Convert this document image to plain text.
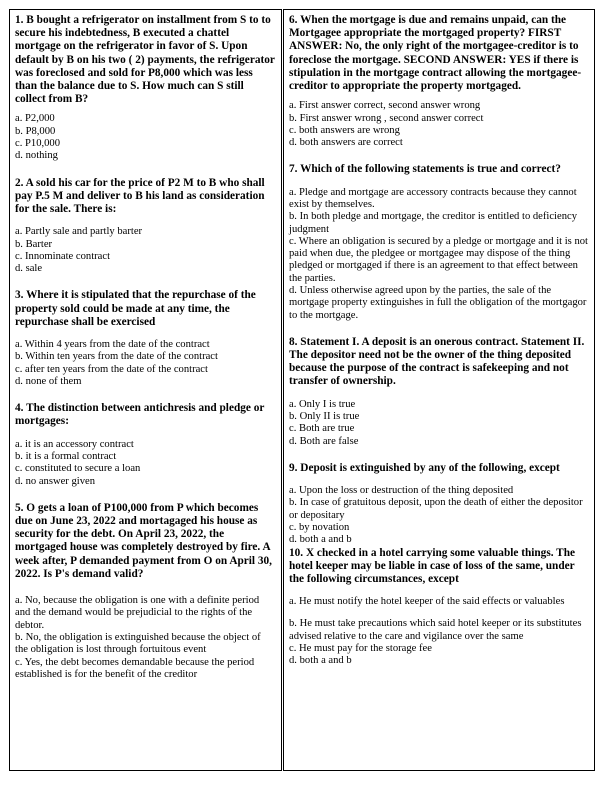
1. B bought a refrigerator on installment from S to to secure his indebtedness, B executed a chattel mortgage on the refrigerator in favor of S. Upon default by B on his two ( 2) payments, the refrigerator was foreclosed and sold for P8,000 which was less than the balance due to S. How much can S still collect from B?

a. P2,000

b. P8,000

c. P10,000

d. nothing

2. A sold his car for the price of P2 M to B who shall pay P.5 M and deliver to B his land as consideration for the sale. There is:

a. Partly sale and partly barter

b. Barter

c. Innominate contract

d. sale

3. Where it is stipulated that the repurchase of the property sold could be made at any time, the repurchase shall be exercised

a. Within 4 years from the date of the contract

b. Within ten years from the date of the contract

c. after ten years from the date of the contract

d. none of them

4. The distinction between antichresis and pledge or mortgages:

a. it is an accessory contract

b. it is a formal contract

c. constituted to secure a loan

d. no answer given

5. O gets a loan of P100,000 from P which becomes due on June 23, 2022 and mortagaged his house as security for the debt. On April 23, 2022, the mortgaged house was completely destroyed by fire. A week after, P demanded payment from O on April 30, 2022. Is P's demand valid?

a. No, because the obligation is one with a definite period and the demand would be prejudicial to the rights of the debtor.

b. No, the obligation is extinguished because the object of the obligation is lost through fortuitous event

c. Yes, the debt becomes demandable because the period established is for the benefit of the creditor

6. When the mortgage is due and remains unpaid, can the Mortgagee appropriate the mortgaged property? FIRST ANSWER: No, the only right of the mortgagee-creditor is to foreclose the mortgage. SECOND ANSWER: YES if there is stipulation in the mortgage contract allowing the mortgagee-creditor to appropriate the property mortgaged.

a. First answer correct, second answer wrong

b. First answer wrong , second answer correct

c. both answers are wrong

d. both answers are correct

7. Which of the following statements is true and correct?

a. Pledge and mortgage are accessory contracts because they cannot exist by themselves.

b. In both pledge and mortgage, the creditor is entitled to deficiency judgment

c. Where an obligation is secured by a pledge or mortgage and it is not paid when due, the pledgee or mortgagee may dispose of the thing pledged or mortgaged if there is an agreement to that effect between the parties.

d. Unless otherwise agreed upon by the parties, the sale of the mortgage property extinguishes in full the obligation of the mortgagor to the mortgage.

8. Statement I. A deposit is an onerous contract. Statement II. The depositor need not be the owner of the thing deposited because the purpose of the contract is safekeeping and not transfer of ownership.

a. Only I is true

b. Only II is true

c. Both are true

d. Both are false

9. Deposit is extinguished by any of the following, except

a. Upon the loss or destruction of the thing deposited

b. In case of gratuitous deposit, upon the death of either the depositor or depositary

c. by novation

d. both a and b

10. X checked in a hotel carrying some valuable things. The hotel keeper may be liable in case of loss of the same, under the following circumstances, except

a. He must notify the hotel keeper of the said effects or valuables

b. He must take precautions which said hotel keeper or its substitutes advised relative to the care and vigilance over the same

c. He must pay for the storage fee

d. both a and b
